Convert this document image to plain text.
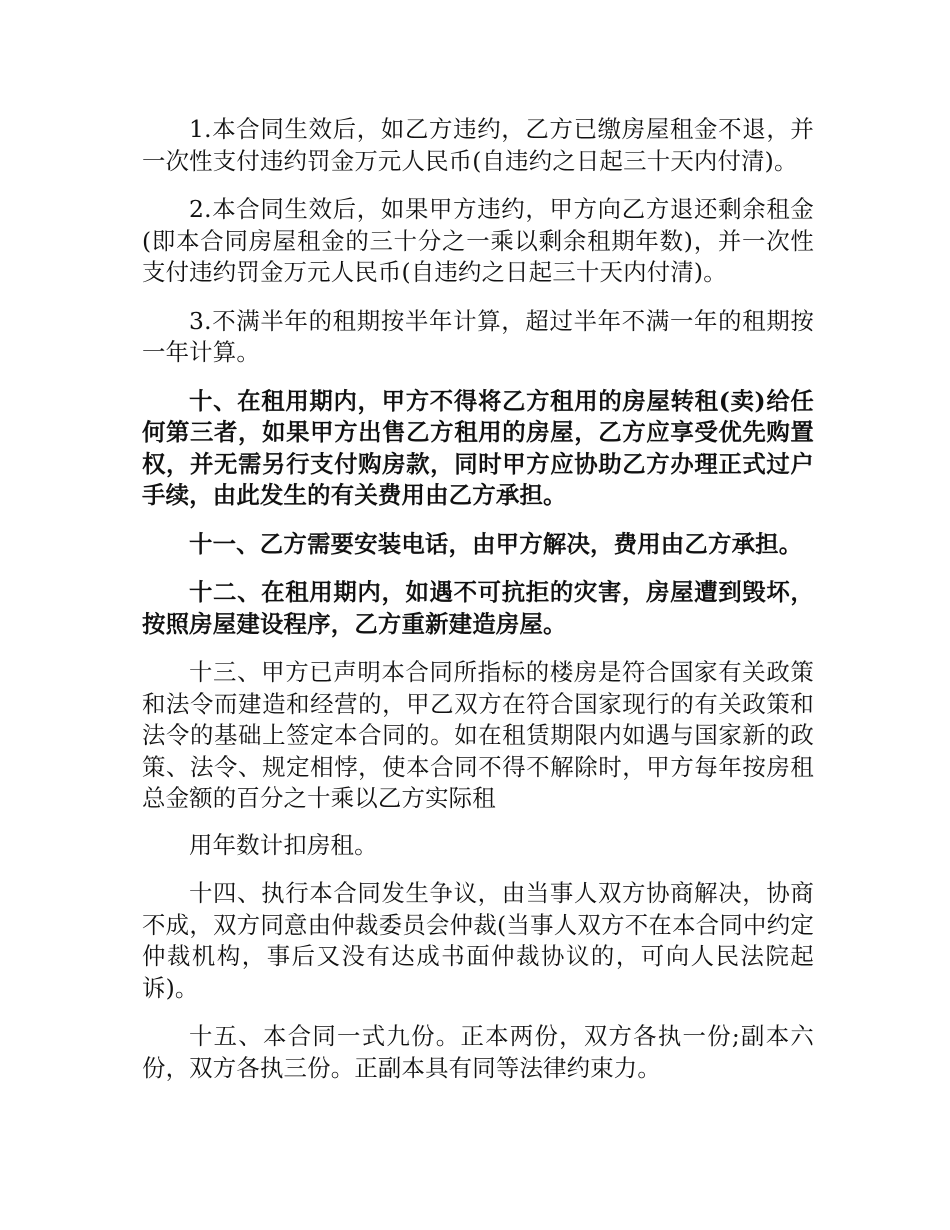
1.本合同生效后，如乙方违约，乙方已缴房屋租金不退，并一次性支付违约罚金万元人民币(自违约之日起三十天内付清)。

2.本合同生效后，如果甲方违约，甲方向乙方退还剩余租金(即本合同房屋租金的三十分之一乘以剩余租期年数)，并一次性支付违约罚金万元人民币(自违约之日起三十天内付清)。

3.不满半年的租期按半年计算，超过半年不满一年的租期按一年计算。

十、在租用期内，甲方不得将乙方租用的房屋转租(卖)给任何第三者，如果甲方出售乙方租用的房屋，乙方应享受优先购置权，并无需另行支付购房款，同时甲方应协助乙方办理正式过户手续，由此发生的有关费用由乙方承担。

十一、乙方需要安装电话，由甲方解决，费用由乙方承担。

十二、在租用期内，如遇不可抗拒的灾害，房屋遭到毁坏，按照房屋建设程序，乙方重新建造房屋。

十三、甲方已声明本合同所指标的楼房是符合国家有关政策和法令而建造和经营的，甲乙双方在符合国家现行的有关政策和法令的基础上签定本合同的。如在租赁期限内如遇与国家新的政策、法令、规定相悖，使本合同不得不解除时，甲方每年按房租总金额的百分之十乘以乙方实际租

用年数计扣房租。

十四、执行本合同发生争议，由当事人双方协商解决，协商不成，双方同意由仲裁委员会仲裁(当事人双方不在本合同中约定仲裁机构，事后又没有达成书面仲裁协议的，可向人民法院起诉)。

十五、本合同一式九份。正本两份，双方各执一份;副本六份，双方各执三份。正副本具有同等法律约束力。
